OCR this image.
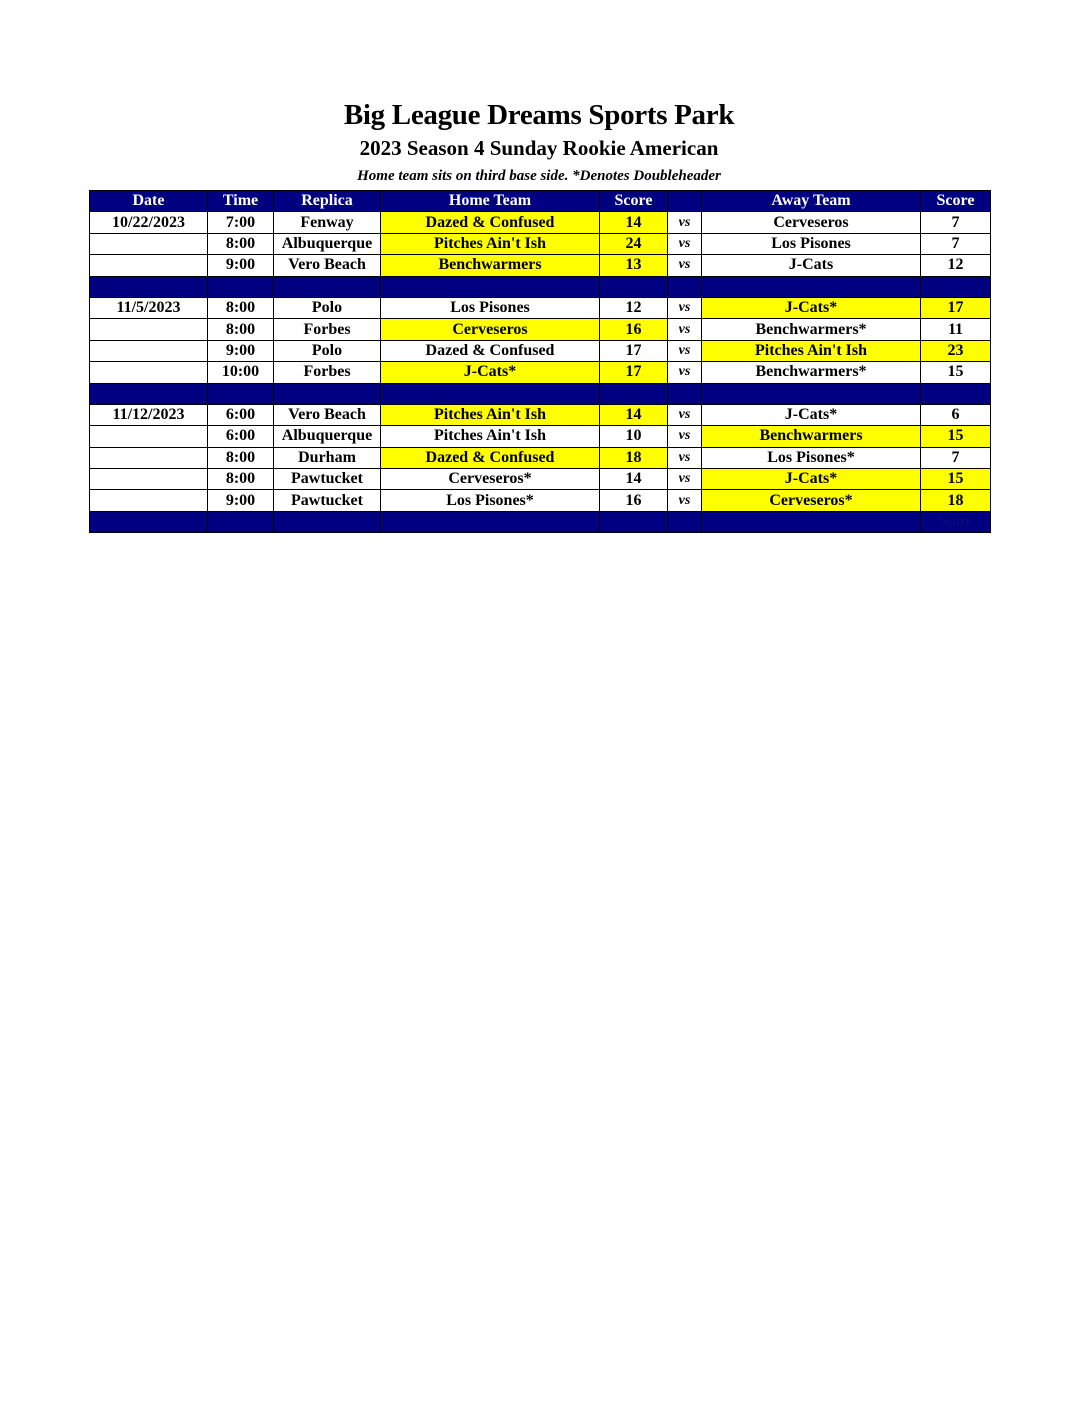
Big League Dreams Sports Park
2023 Season 4 Sunday Rookie American
Home team sits on third base side. *Denotes Doubleheader
Date	Time	Replica	Home Team	Score		Away Team	Score
10/22/2023	7:00	Fenway	Dazed & Confused	14	vs	Cerveseros	7
	8:00	Albuquerque	Pitches Ain't Ish	24	vs	Los Pisones	7
	9:00	Vero Beach	Benchwarmers	13	vs	J-Cats	12

11/5/2023	8:00	Polo	Los Pisones	12	vs	J-Cats*	17
	8:00	Forbes	Cerveseros	16	vs	Benchwarmers*	11
	9:00	Polo	Dazed & Confused	17	vs	Pitches Ain't Ish	23
	10:00	Forbes	J-Cats*	17	vs	Benchwarmers*	15

11/12/2023	6:00	Vero Beach	Pitches Ain't Ish	14	vs	J-Cats*	6
	6:00	Albuquerque	Pitches Ain't Ish	10	vs	Benchwarmers	15
	8:00	Durham	Dazed & Confused	18	vs	Los Pisones*	7
	8:00	Pawtucket	Cerveseros*	14	vs	J-Cats*	15
	9:00	Pawtucket	Los Pisones*	16	vs	Cerveseros*	18
							Score
